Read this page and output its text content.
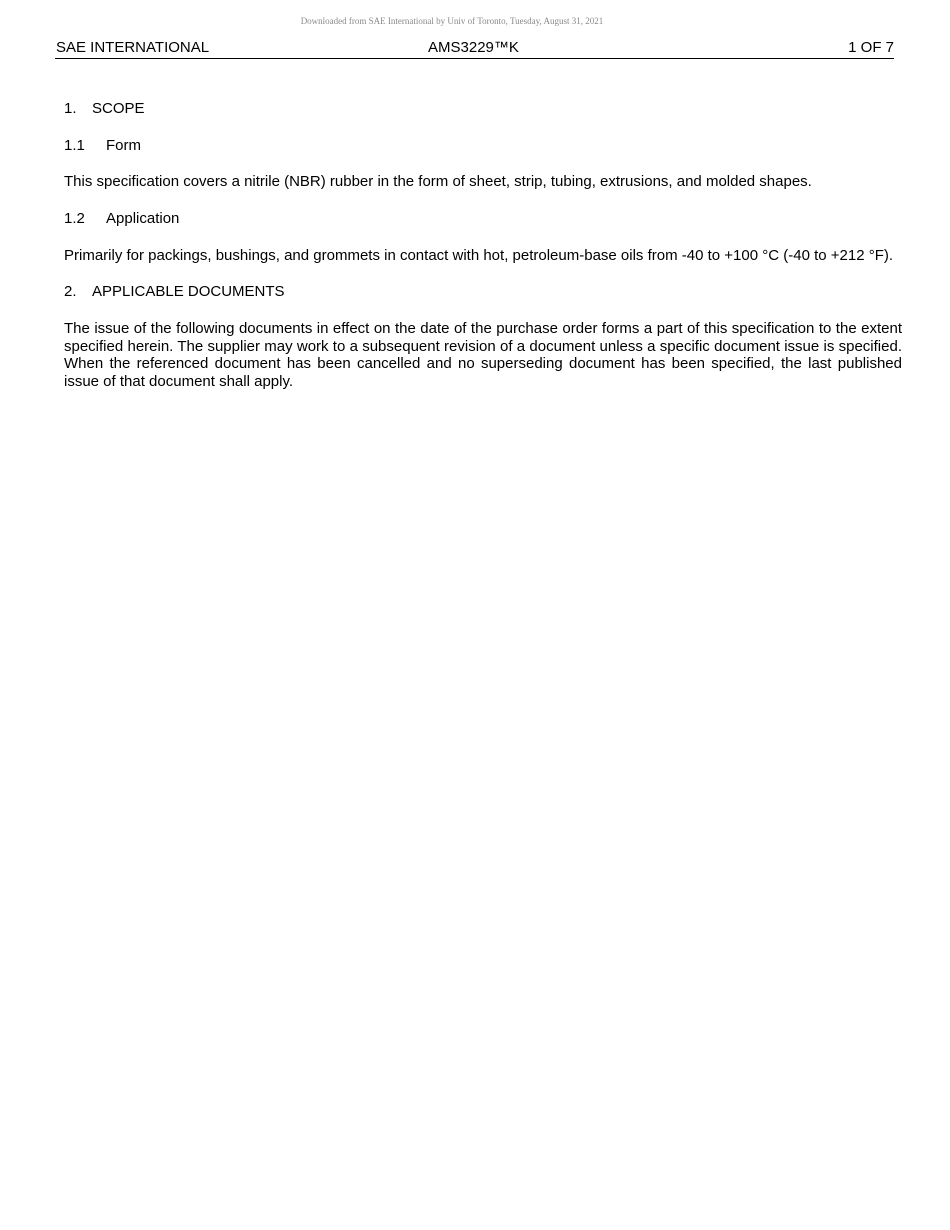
Downloaded from SAE International by Univ of Toronto, Tuesday, August 31, 2021
SAE INTERNATIONAL	AMS3229™K	1 OF 7

1. SCOPE

1.1 Form

This specification covers a nitrile (NBR) rubber in the form of sheet, strip, tubing, extrusions, and molded shapes.

1.2 Application

Primarily for packings, bushings, and grommets in contact with hot, petroleum-base oils from -40 to +100 °C (-40 to +212 °F).

2. APPLICABLE DOCUMENTS

The issue of the following documents in effect on the date of the purchase order forms a part of this specification to the extent specified herein. The supplier may work to a subsequent revision of a document unless a specific document issue is specified. When the referenced document has been cancelled and no superseding document has been specified, the last published issue of that document shall apply.
